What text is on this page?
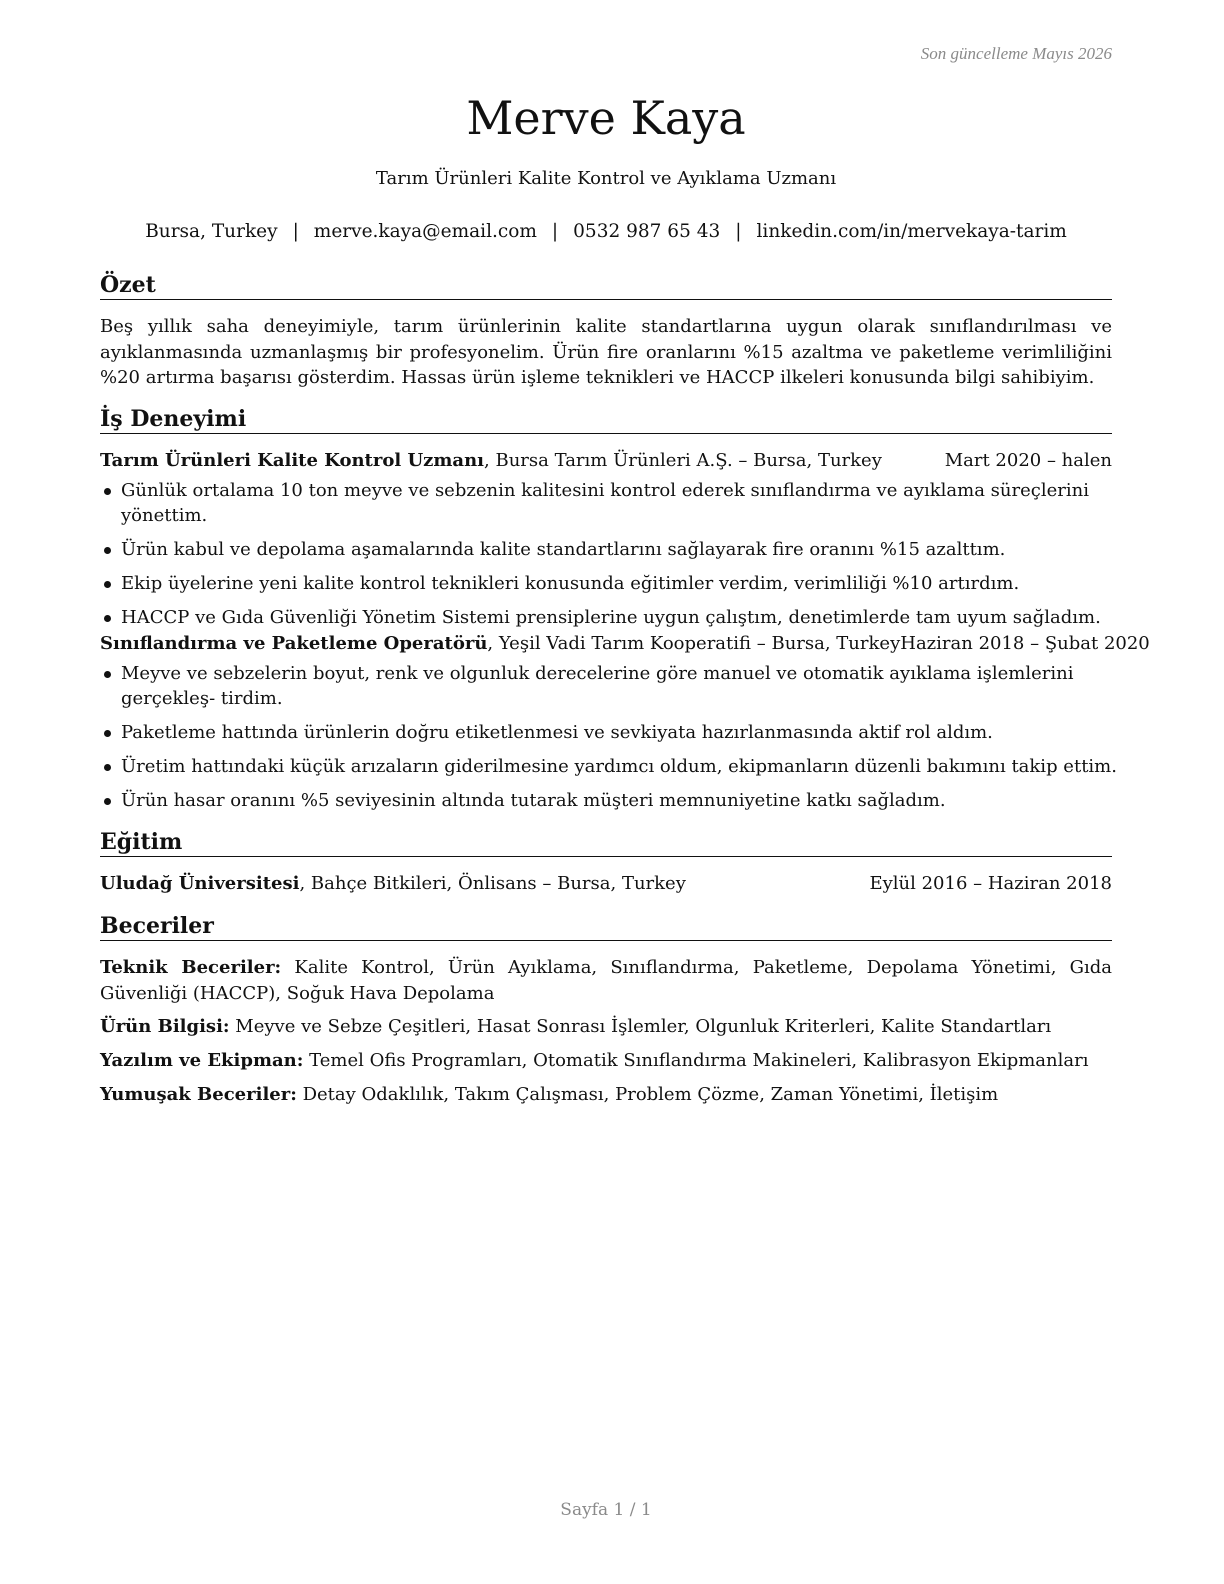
Son güncelleme Mayıs 2026
Merve Kaya
Tarım Ürünleri Kalite Kontrol ve Ayıklama Uzmanı
Bursa, Turkey | merve.kaya@email.com | 0532 987 65 43 | linkedin.com/in/mervekaya-tarim
Özet
Beş yıllık saha deneyimiyle, tarım ürünlerinin kalite standartlarına uygun olarak sınıflandırılması ve ayıklanmasında uzmanlaşmış bir profesyonelim. Ürün fire oranlarını %15 azaltma ve paketleme verimliliğini %20 artırma başarısı gösterdim. Hassas ürün işleme teknikleri ve HACCP ilkeleri konusunda bilgi sahibiyim.
İş Deneyimi
Tarım Ürünleri Kalite Kontrol Uzmanı, Bursa Tarım Ürünleri A.Ş. – Bursa, Turkey	Mart 2020 – halen
Günlük ortalama 10 ton meyve ve sebzenin kalitesini kontrol ederek sınıflandırma ve ayıklama süreçlerini yönettim.
Ürün kabul ve depolama aşamalarında kalite standartlarını sağlayarak fire oranını %15 azalttım.
Ekip üyelerine yeni kalite kontrol teknikleri konusunda eğitimler verdim, verimliliği %10 artırdım.
HACCP ve Gıda Güvenliği Yönetim Sistemi prensiplerine uygun çalıştım, denetimlerde tam uyum sağladım.
Sınıflandırma ve Paketleme Operatörü, Yeşil Vadi Tarım Kooperatifi – Bursa, Turkey Haziran 2018 – Şubat 2020
Meyve ve sebzelerin boyut, renk ve olgunluk derecelerine göre manuel ve otomatik ayıklama işlemlerini gerçekleş- tirdim.
Paketleme hattında ürünlerin doğru etiketlenmesi ve sevkiyata hazırlanmasında aktif rol aldım.
Üretim hattındaki küçük arızaların giderilmesine yardımcı oldum, ekipmanların düzenli bakımını takip ettim.
Ürün hasar oranını %5 seviyesinin altında tutarak müşteri memnuniyetine katkı sağladım.
Eğitim
Uludağ Üniversitesi, Bahçe Bitkileri, Önlisans – Bursa, Turkey	Eylül 2016 – Haziran 2018
Beceriler
Teknik Beceriler: Kalite Kontrol, Ürün Ayıklama, Sınıflandırma, Paketleme, Depolama Yönetimi, Gıda Güvenliği (HACCP), Soğuk Hava Depolama
Ürün Bilgisi: Meyve ve Sebze Çeşitleri, Hasat Sonrası İşlemler, Olgunluk Kriterleri, Kalite Standartları
Yazılım ve Ekipman: Temel Ofis Programları, Otomatik Sınıflandırma Makineleri, Kalibrasyon Ekipmanları
Yumuşak Beceriler: Detay Odaklılık, Takım Çalışması, Problem Çözme, Zaman Yönetimi, İletişim
Sayfa 1 / 1
